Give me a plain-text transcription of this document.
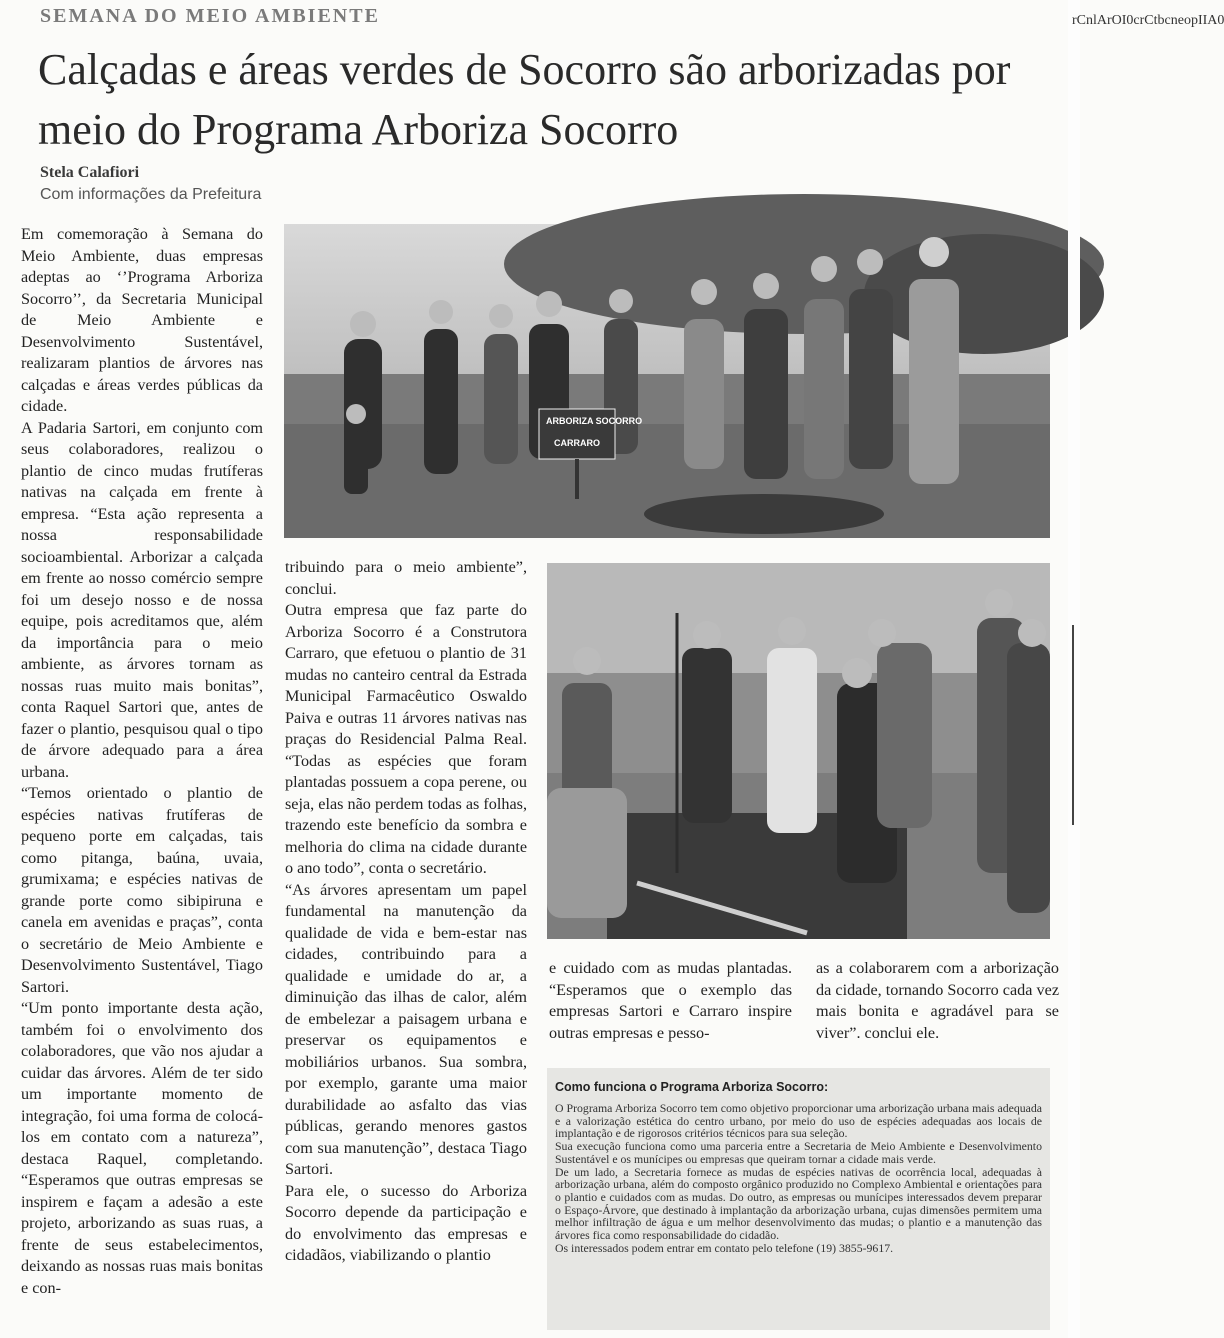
SEMANA DO MEIO AMBIENTE
Calçadas e áreas verdes de Socorro são arborizadas por meio do Programa Arboriza Socorro
Stela Calafiori
Com informações da Prefeitura

Em comemoração à Semana do Meio Ambiente, duas empresas adeptas ao ‘’Programa Arboriza Socorro’’, da Secretaria Municipal de Meio Ambiente e Desenvolvimento Sustentável, realizaram plantios de árvores nas calçadas e áreas verdes públicas da cidade.

A Padaria Sartori, em conjunto com seus colaboradores, realizou o plantio de cinco mudas frutíferas nativas na calçada em frente à empresa. “Esta ação representa a nossa responsabilidade socioambiental. Arborizar a calçada em frente ao nosso comércio sempre foi um desejo nosso e de nossa equipe, pois acreditamos que, além da importância para o meio ambiente, as árvores tornam as nossas ruas muito mais bonitas”, conta Raquel Sartori que, antes de fazer o plantio, pesquisou qual o tipo de árvore adequado para a área urbana.

“Temos orientado o plantio de espécies nativas frutíferas de pequeno porte em calçadas, tais como pitanga, baúna, uvaia, grumixama; e espécies nativas de grande porte como sibipiruna e canela em avenidas e praças”, conta o secretário de Meio Ambiente e Desenvolvimento Sustentável, Tiago Sartori.

“Um ponto importante desta ação, também foi o envolvimento dos colaboradores, que vão nos ajudar a cuidar das árvores. Além de ter sido um importante momento de integração, foi uma forma de colocá-los em contato com a natureza”, destaca Raquel, completando. “Esperamos que outras empresas se inspirem e façam a adesão a este projeto, arborizando as suas ruas, a frente de seus estabelecimentos, deixando as nossas ruas mais bonitas e con-

tribuindo para o meio ambiente”, conclui.

Outra empresa que faz parte do Arboriza Socorro é a Construtora Carraro, que efetuou o plantio de 31 mudas no canteiro central da Estrada Municipal Farmacêutico Oswaldo Paiva e outras 11 árvores nativas nas praças do Residencial Palma Real. “Todas as espécies que foram plantadas possuem a copa perene, ou seja, elas não perdem todas as folhas, trazendo este benefício da sombra e melhoria do clima na cidade durante o ano todo”, conta o secretário.

“As árvores apresentam um papel fundamental na manutenção da qualidade de vida e bem-estar nas cidades, contribuindo para a qualidade e umidade do ar, a diminuição das ilhas de calor, além de embelezar a paisagem urbana e preservar os equipamentos e mobiliários urbanos. Sua sombra, por exemplo, garante uma maior durabilidade ao asfalto das vias públicas, gerando menores gastos com sua manutenção”, destaca Tiago Sartori.

Para ele, o sucesso do Arboriza Socorro depende da participação e do envolvimento das empresas e cidadãos, viabilizando o plantio

e cuidado com as mudas plantadas. “Esperamos que o exemplo das empresas Sartori e Carraro inspire outras empresas e pesso-

as a colaborarem com a arborização da cidade, tornando Socorro cada vez mais bonita e agradável para se viver”. conclui ele.

ARBORIZA SOCORRO
CARRARO
Como funciona o Programa Arboriza Socorro:

O Programa Arboriza Socorro tem como objetivo proporcionar uma arborização urbana mais adequada e a valorização estética do centro urbano, por meio do uso de espécies adequadas aos locais de implantação e de rigorosos critérios técnicos para sua seleção.

Sua execução funciona como uma parceria entre a Secretaria de Meio Ambiente e Desenvolvimento Sustentável e os munícipes ou empresas que queiram tornar a cidade mais verde.

De um lado, a Secretaria fornece as mudas de espécies nativas de ocorrência local, adequadas à arborização urbana, além do composto orgânico produzido no Complexo Ambiental e orientações para o plantio e cuidados com as mudas. Do outro, as empresas ou munícipes interessados devem preparar o Espaço-Árvore, que destinado à implantação da arborização urbana, cujas dimensões permitem uma melhor infiltração de água e um melhor desenvolvimento das mudas; o plantio e a manutenção das árvores fica como responsabilidade do cidadão.

Os interessados podem entrar em contato pelo telefone (19) 3855-9617.

rCnlArOI0crCtbcneopIIA0
